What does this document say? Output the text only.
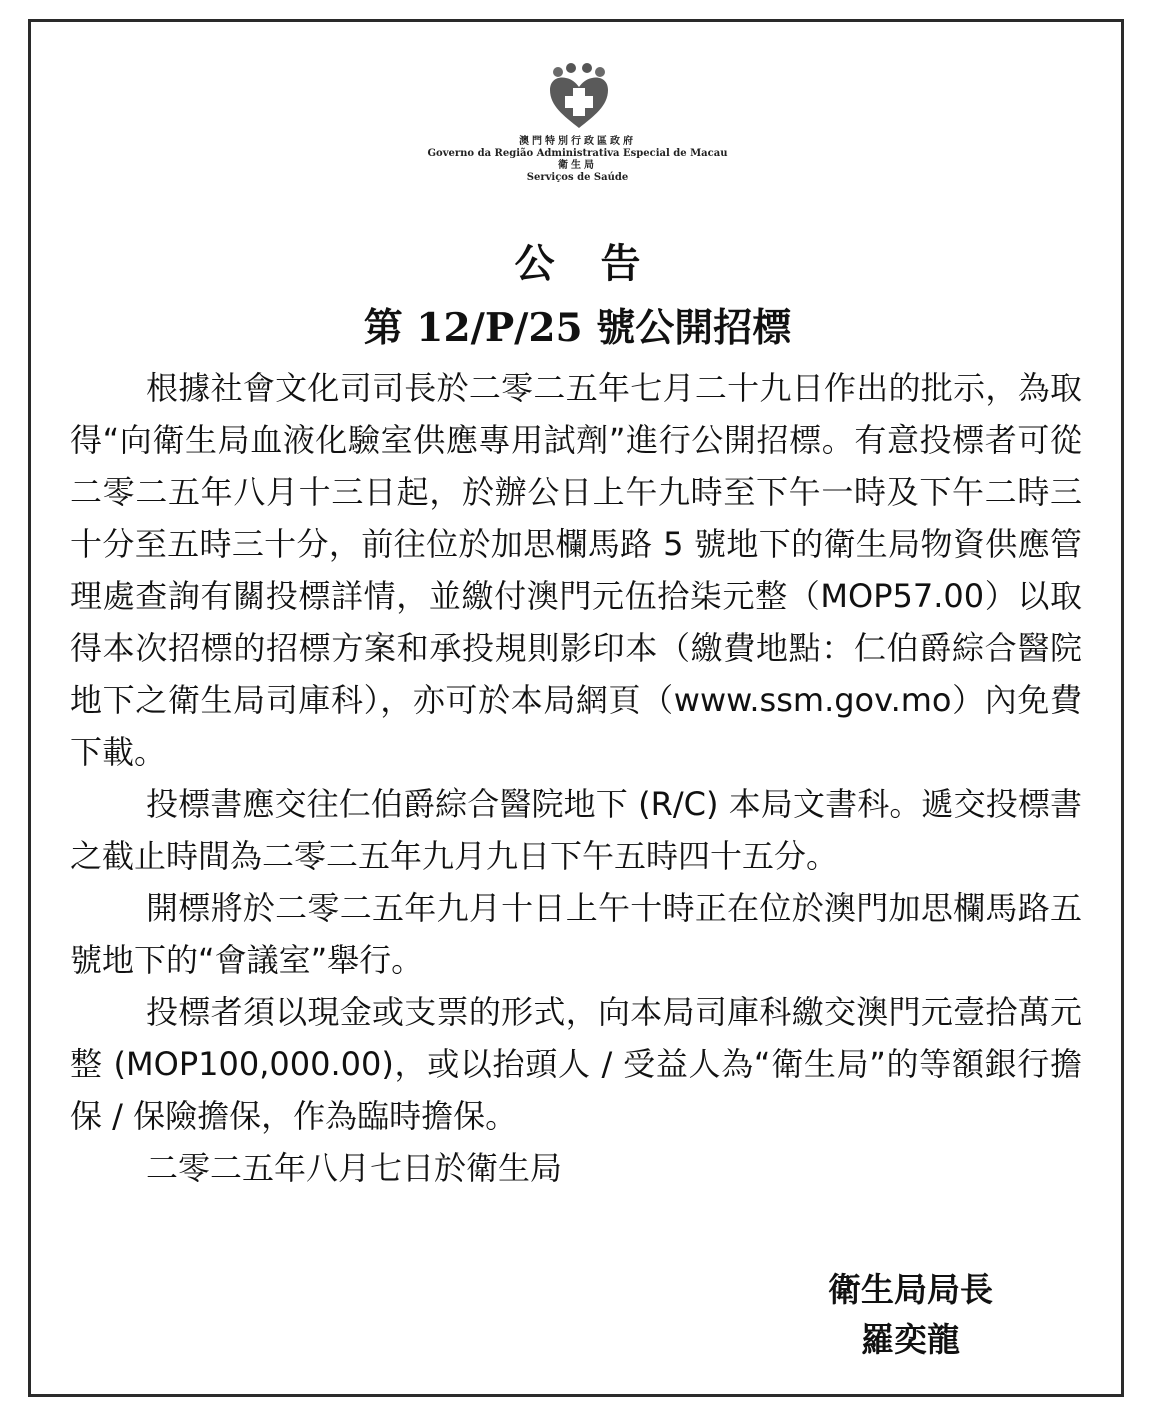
澳門特別行政區政府
Governo da Região Administrativa Especial de Macau
衛生局
Serviços de Saúde
公告
第 12/P/25 號公開招標

根據社會文化司司長於二零二五年七月二十九日作出的批示，為取得“向衛生局血液化驗室供應專用試劑”進行公開招標。有意投標者可從二零二五年八月十三日起，於辦公日上午九時至下午一時及下午二時三十分至五時三十分，前往位於加思欄馬路 5 號地下的衛生局物資供應管理處查詢有關投標詳情，並繳付澳門元伍拾柒元整（MOP57.00）以取得本次招標的招標方案和承投規則影印本（繳費地點：仁伯爵綜合醫院地下之衛生局司庫科），亦可於本局網頁（www.ssm.gov.mo）內免費下載。

投標書應交往仁伯爵綜合醫院地下 (R/C) 本局文書科。遞交投標書之截止時間為二零二五年九月九日下午五時四十五分。

開標將於二零二五年九月十日上午十時正在位於澳門加思欄馬路五號地下的“會議室”舉行。

投標者須以現金或支票的形式，向本局司庫科繳交澳門元壹拾萬元整 (MOP100,000.00)，或以抬頭人 / 受益人為“衛生局”的等額銀行擔保 / 保險擔保，作為臨時擔保。

二零二五年八月七日於衛生局

衛生局局長
羅奕龍
